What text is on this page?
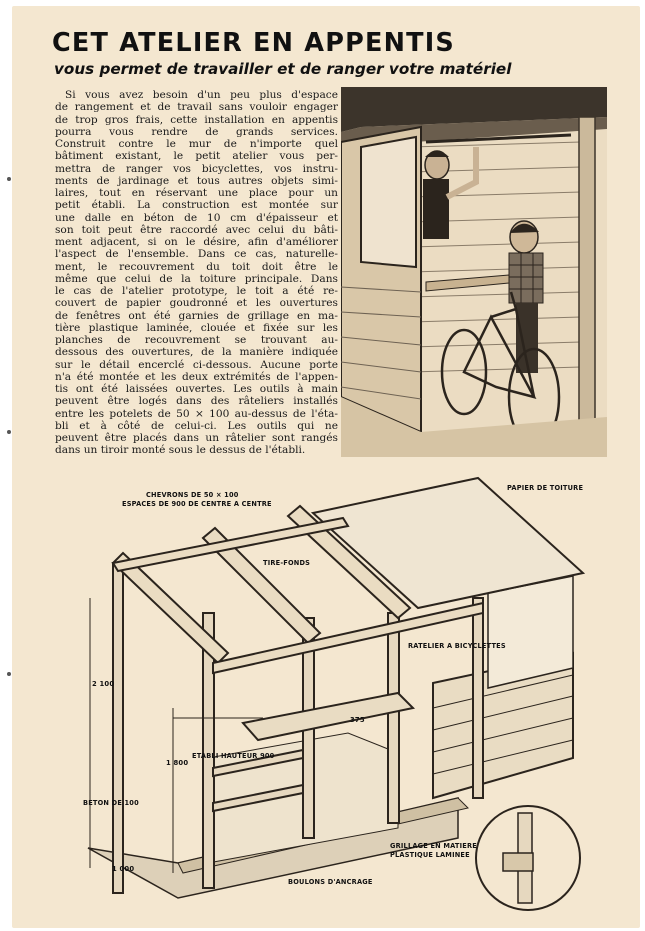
CET ATELIER EN APPENTIS
vous permet de travailler et de ranger votre matériel

Si vous avez besoin d'un peu plus d'espace
de rangement et de travail sans vouloir engager
de trop gros frais, cette installation en appentis
pourra vous rendre de grands services.
Construit contre le mur de n'importe quel
bâtiment existant, le petit atelier vous per-
mettra de ranger vos bicyclettes, vos instru-
ments de jardinage et tous autres objets simi-
laires, tout en réservant une place pour un
petit établi. La construction est montée sur
une dalle en béton de 10 cm d'épaisseur et
son toit peut être raccordé avec celui du bâti-
ment adjacent, si on le désire, afin d'améliorer
l'aspect de l'ensemble. Dans ce cas, naturelle-
ment, le recouvrement du toit doit être le
même que celui de la toiture principale. Dans
le cas de l'atelier prototype, le toit a été re-
couvert de papier goudronné et les ouvertures
de fenêtres ont été garnies de grillage en ma-
tière plastique laminée, clouée et fixée sur les
planches de recouvrement se trouvant au-
dessous des ouvertures, de la manière indiquée
sur le détail encerclé ci-dessous. Aucune porte
n'a été montée et les deux extrémités de l'appen-
tis ont été laissées ouvertes. Les outils à main
peuvent être logés dans des râteliers installés
entre les potelets de 50 × 100 au-dessus de l'éta-
bli et à côté de celui-ci. Les outils qui ne
peuvent être placés dans un râtelier sont rangés
dans un tiroir monté sous le dessus de l'établi.

CHEVRONS DE 50 × 100
ESPACES DE 900 DE CENTRE A CENTRE
PAPIER DE TOITURE
TIRE-FONDS
RATELIER A BICYCLETTES
2 100
375
ETABLI HAUTEUR 900
1 800
BETON DE 100
GRILLAGE EN MATIERE
PLASTIQUE LAMINEE
1 000
BOULONS D'ANCRAGE
